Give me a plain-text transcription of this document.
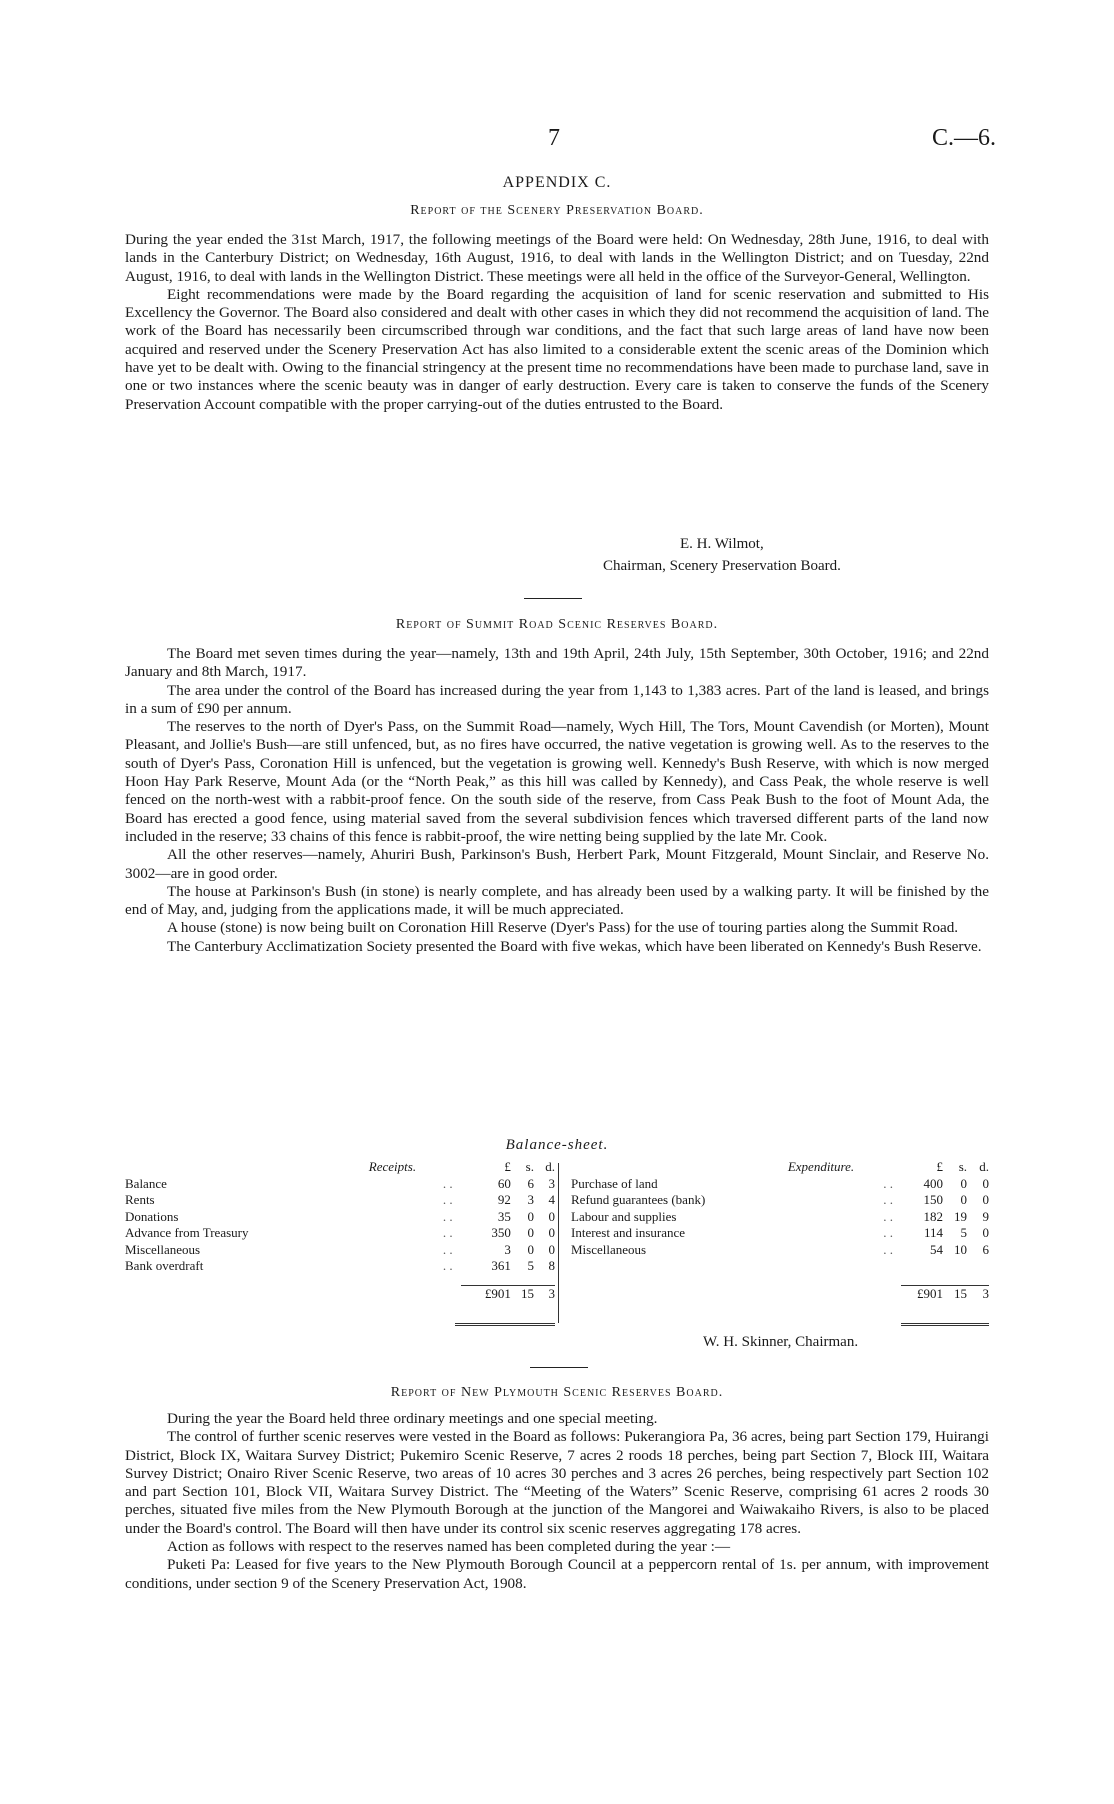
7	C.—6.
APPENDIX C.
Report of the Scenery Preservation Board.

During the year ended the 31st March, 1917, the following meetings of the Board were held: On Wednesday, 28th June, 1916, to deal with lands in the Canterbury District; on Wednesday, 16th August, 1916, to deal with lands in the Wellington District; and on Tuesday, 22nd August, 1916, to deal with lands in the Wellington District. These meetings were all held in the office of the Surveyor-General, Wellington.

Eight recommendations were made by the Board regarding the acquisition of land for scenic reservation and submitted to His Excellency the Governor. The Board also considered and dealt with other cases in which they did not recommend the acquisition of land. The work of the Board has necessarily been circumscribed through war conditions, and the fact that such large areas of land have now been acquired and reserved under the Scenery Preservation Act has also limited to a considerable extent the scenic areas of the Dominion which have yet to be dealt with. Owing to the financial stringency at the present time no recommendations have been made to purchase land, save in one or two instances where the scenic beauty was in danger of early destruction. Every care is taken to conserve the funds of the Scenery Preservation Account compatible with the proper carrying-out of the duties entrusted to the Board.

E. H. Wilmot,
Chairman, Scenery Preservation Board.
Report of Summit Road Scenic Reserves Board.

The Board met seven times during the year—namely, 13th and 19th April, 24th July, 15th September, 30th October, 1916; and 22nd January and 8th March, 1917.

The area under the control of the Board has increased during the year from 1,143 to 1,383 acres. Part of the land is leased, and brings in a sum of £90 per annum.

The reserves to the north of Dyer's Pass, on the Summit Road—namely, Wych Hill, The Tors, Mount Cavendish (or Morten), Mount Pleasant, and Jollie's Bush—are still unfenced, but, as no fires have occurred, the native vegetation is growing well. As to the reserves to the south of Dyer's Pass, Coronation Hill is unfenced, but the vegetation is growing well. Kennedy's Bush Reserve, with which is now merged Hoon Hay Park Reserve, Mount Ada (or the “North Peak,” as this hill was called by Kennedy), and Cass Peak, the whole reserve is well fenced on the north-west with a rabbit-proof fence. On the south side of the reserve, from Cass Peak Bush to the foot of Mount Ada, the Board has erected a good fence, using material saved from the several subdivision fences which traversed different parts of the land now included in the reserve; 33 chains of this fence is rabbit-proof, the wire netting being supplied by the late Mr. Cook.

All the other reserves—namely, Ahuriri Bush, Parkinson's Bush, Herbert Park, Mount Fitzgerald, Mount Sinclair, and Reserve No. 3002—are in good order.

The house at Parkinson's Bush (in stone) is nearly complete, and has already been used by a walking party. It will be finished by the end of May, and, judging from the applications made, it will be much appreciated.

A house (stone) is now being built on Coronation Hill Reserve (Dyer's Pass) for the use of touring parties along the Summit Road.

The Canterbury Acclimatization Society presented the Board with five wekas, which have been liberated on Kennedy's Bush Reserve.

Balance-sheet.
	Receipts.	£	s.	d.
Balance	. .	60	6	3
Rents	. .	92	3	4
Donations	. .	35	0	0
Advance from Treasury	. .	350	0	0
Miscellaneous	. .	3	0	0
Bank overdraft	. .	361	5	8

		£901	15	3
	Expenditure.	£	s.	d.
Purchase of land	. .	400	0	0
Refund guarantees (bank)	. .	150	0	0
Labour and supplies	. .	182	19	9
Interest and insurance	. .	114	5	0
Miscellaneous	. .	54	10	6

		£901	15	3
W. H. Skinner, Chairman.
Report of New Plymouth Scenic Reserves Board.

During the year the Board held three ordinary meetings and one special meeting.

The control of further scenic reserves were vested in the Board as follows: Pukerangiora Pa, 36 acres, being part Section 179, Huirangi District, Block IX, Waitara Survey District; Pukemiro Scenic Reserve, 7 acres 2 roods 18 perches, being part Section 7, Block III, Waitara Survey District; Onairo River Scenic Reserve, two areas of 10 acres 30 perches and 3 acres 26 perches, being respectively part Section 102 and part Section 101, Block VII, Waitara Survey District. The “Meeting of the Waters” Scenic Reserve, comprising 61 acres 2 roods 30 perches, situated five miles from the New Plymouth Borough at the junction of the Mangorei and Waiwakaiho Rivers, is also to be placed under the Board's control. The Board will then have under its control six scenic reserves aggregating 178 acres.

Action as follows with respect to the reserves named has been completed during the year :—

Puketi Pa: Leased for five years to the New Plymouth Borough Council at a peppercorn rental of 1s. per annum, with improvement conditions, under section 9 of the Scenery Preservation Act, 1908.
